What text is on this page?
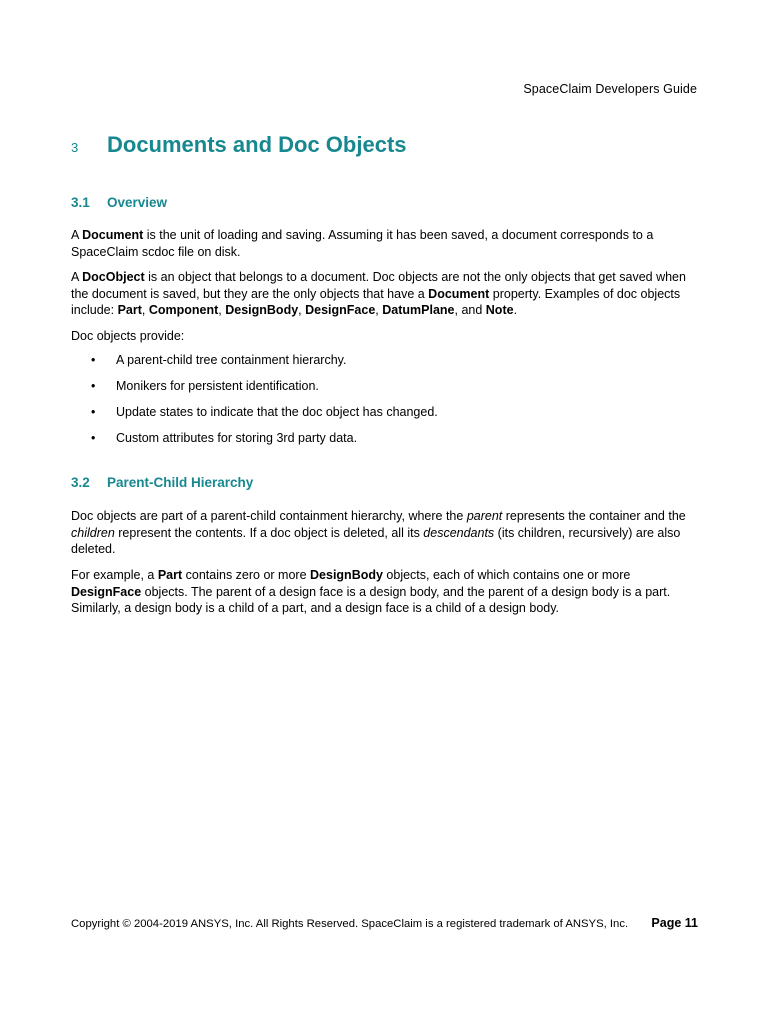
SpaceClaim Developers Guide
3 Documents and Doc Objects
3.1 Overview
A Document is the unit of loading and saving. Assuming it has been saved, a document corresponds to a SpaceClaim scdoc file on disk.
A DocObject is an object that belongs to a document. Doc objects are not the only objects that get saved when the document is saved, but they are the only objects that have a Document property. Examples of doc objects include: Part, Component, DesignBody, DesignFace, DatumPlane, and Note.
Doc objects provide:
• A parent-child tree containment hierarchy.
• Monikers for persistent identification.
• Update states to indicate that the doc object has changed.
• Custom attributes for storing 3rd party data.
3.2 Parent-Child Hierarchy
Doc objects are part of a parent-child containment hierarchy, where the parent represents the container and the children represent the contents. If a doc object is deleted, all its descendants (its children, recursively) are also deleted.
For example, a Part contains zero or more DesignBody objects, each of which contains one or more DesignFace objects. The parent of a design face is a design body, and the parent of a design body is a part. Similarly, a design body is a child of a part, and a design face is a child of a design body.
Copyright © 2004-2019 ANSYS, Inc. All Rights Reserved. SpaceClaim is a registered trademark of ANSYS, Inc. Page 11
